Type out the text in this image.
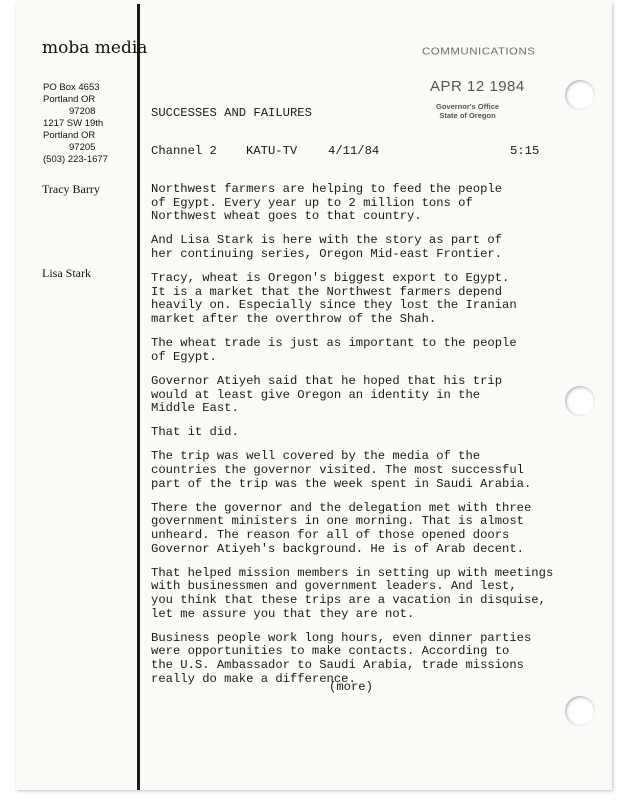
moba media
PO Box 4653
Portland OR
97208
1217 SW 19th
Portland OR
97205
(503) 223-1677
Tracy Barry
Lisa Stark
COMMUNICATIONS
APR 12 1984
Governor's Office
State of Oregon
SUCCESSES AND FAILURES
Channel 2 KATU-TV	4/11/84	5:15

Northwest farmers are helping to feed the people
of Egypt. Every year up to 2 million tons of
Northwest wheat goes to that country.

And Lisa Stark is here with the story as part of
her continuing series, Oregon Mid-east Frontier.

Tracy, wheat is Oregon's biggest export to Egypt.
It is a market that the Northwest farmers depend
heavily on. Especially since they lost the Iranian
market after the overthrow of the Shah.

The wheat trade is just as important to the people
of Egypt.

Governor Atiyeh said that he hoped that his trip
would at least give Oregon an identity in the
Middle East.

That it did.

The trip was well covered by the media of the
countries the governor visited. The most successful
part of the trip was the week spent in Saudi Arabia.

There the governor and the delegation met with three
government ministers in one morning. That is almost
unheard. The reason for all of those opened doors
Governor Atiyeh's background. He is of Arab decent.

That helped mission members in setting up with meetings
with businessmen and government leaders. And lest,
you think that these trips are a vacation in disquise,
let me assure you that they are not.

Business people work long hours, even dinner parties
were opportunities to make contacts. According to
the U.S. Ambassador to Saudi Arabia, trade missions
really do make a difference.

(more)
